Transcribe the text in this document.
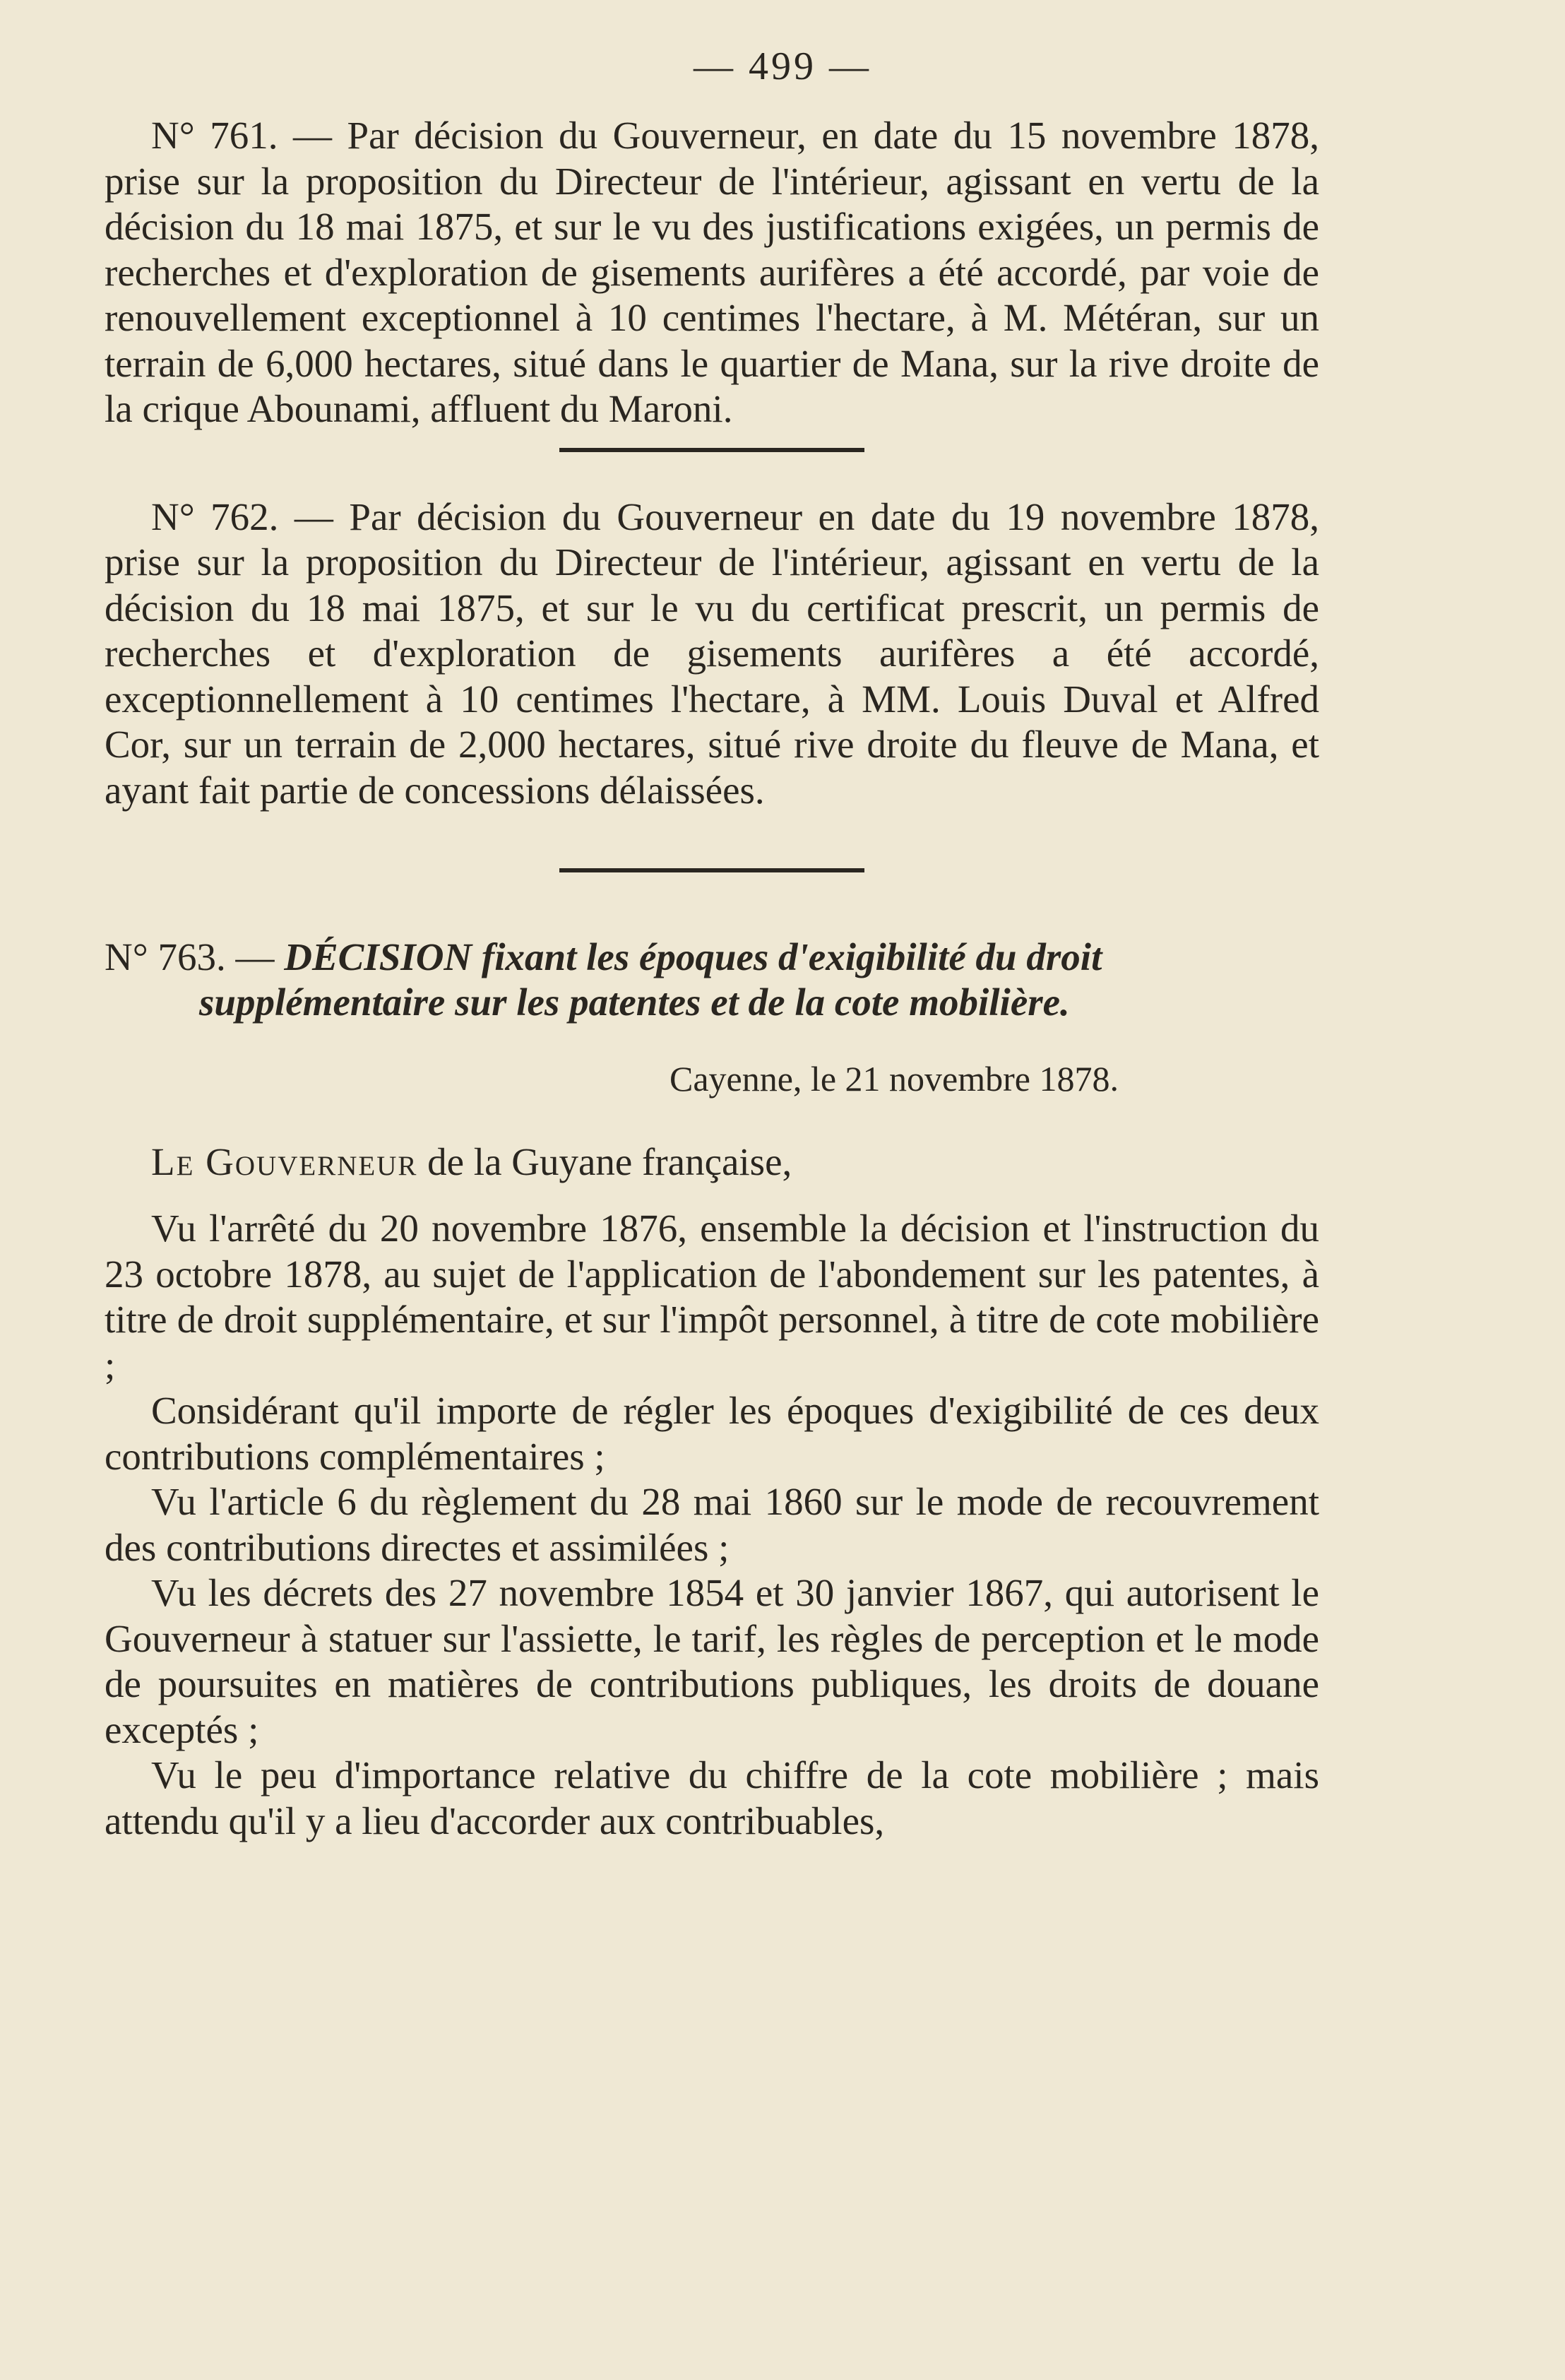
— 499 —

N° 761. — Par décision du Gouverneur, en date du 15 novembre 1878, prise sur la proposition du Directeur de l'intérieur, agissant en vertu de la décision du 18 mai 1875, et sur le vu des justifications exigées, un permis de recherches et d'exploration de gisements aurifères a été accordé, par voie de renouvellement exceptionnel à 10 centimes l'hectare, à M. Météran, sur un terrain de 6,000 hectares, situé dans le quartier de Mana, sur la rive droite de la crique Abounami, affluent du Maroni.

N° 762. — Par décision du Gouverneur en date du 19 novembre 1878, prise sur la proposition du Directeur de l'intérieur, agissant en vertu de la décision du 18 mai 1875, et sur le vu du certificat prescrit, un permis de recherches et d'exploration de gisements aurifères a été accordé, exceptionnellement à 10 centimes l'hectare, à MM. Louis Duval et Alfred Cor, sur un terrain de 2,000 hectares, situé rive droite du fleuve de Mana, et ayant fait partie de concessions délaissées.

N° 763. — DÉCISION fixant les époques d'exigibilité du droit
supplémentaire sur les patentes et de la cote mobilière.

Cayenne, le 21 novembre 1878.

Le Gouverneur de la Guyane française,

Vu l'arrêté du 20 novembre 1876, ensemble la décision et l'instruction du 23 octobre 1878, au sujet de l'application de l'abondement sur les patentes, à titre de droit supplémentaire, et sur l'impôt personnel, à titre de cote mobilière ;

Considérant qu'il importe de régler les époques d'exigibilité de ces deux contributions complémentaires ;

Vu l'article 6 du règlement du 28 mai 1860 sur le mode de recouvrement des contributions directes et assimilées ;

Vu les décrets des 27 novembre 1854 et 30 janvier 1867, qui autorisent le Gouverneur à statuer sur l'assiette, le tarif, les règles de perception et le mode de poursuites en matières de contributions publiques, les droits de douane exceptés ;

Vu le peu d'importance relative du chiffre de la cote mobilière ; mais attendu qu'il y a lieu d'accorder aux contribuables,
